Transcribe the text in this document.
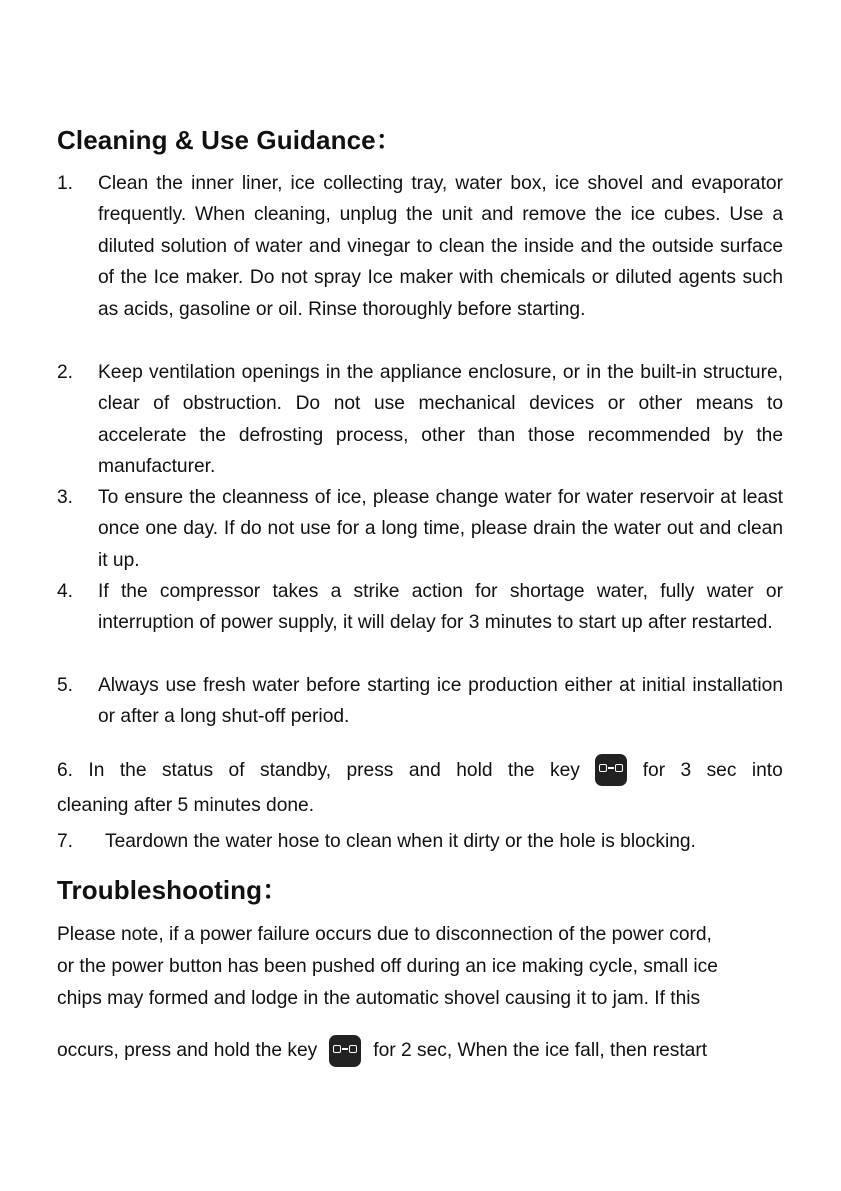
Cleaning & Use Guidance：
1. Clean the inner liner, ice collecting tray, water box, ice shovel and evaporator frequently. When cleaning, unplug the unit and remove the ice cubes. Use a diluted solution of water and vinegar to clean the inside and the outside surface of the Ice maker. Do not spray Ice maker with chemicals or diluted agents such as acids, gasoline or oil. Rinse thoroughly before starting.
2. Keep ventilation openings in the appliance enclosure, or in the built-in structure, clear of obstruction. Do not use mechanical devices or other means to accelerate the defrosting process, other than those recommended by the manufacturer.
3. To ensure the cleanness of ice, please change water for water reservoir at least once one day. If do not use for a long time, please drain the water out and clean it up.
4. If the compressor takes a strike action for shortage water, fully water or interruption of power supply, it will delay for 3 minutes to start up after restarted.
5. Always use fresh water before starting ice production either at initial installation or after a long shut-off period.
6. In the status of standby, press and hold the key	for 3 sec into
cleaning after 5 minutes done.
7. Teardown the water hose to clean when it dirty or the hole is blocking.
Troubleshooting：
Please note, if a power failure occurs due to disconnection of the power cord,
or the power button has been pushed off during an ice making cycle, small ice
chips may formed and lodge in the automatic shovel causing it to jam. If this
occurs, press and hold the key	for 2 sec, When the ice fall, then restart
